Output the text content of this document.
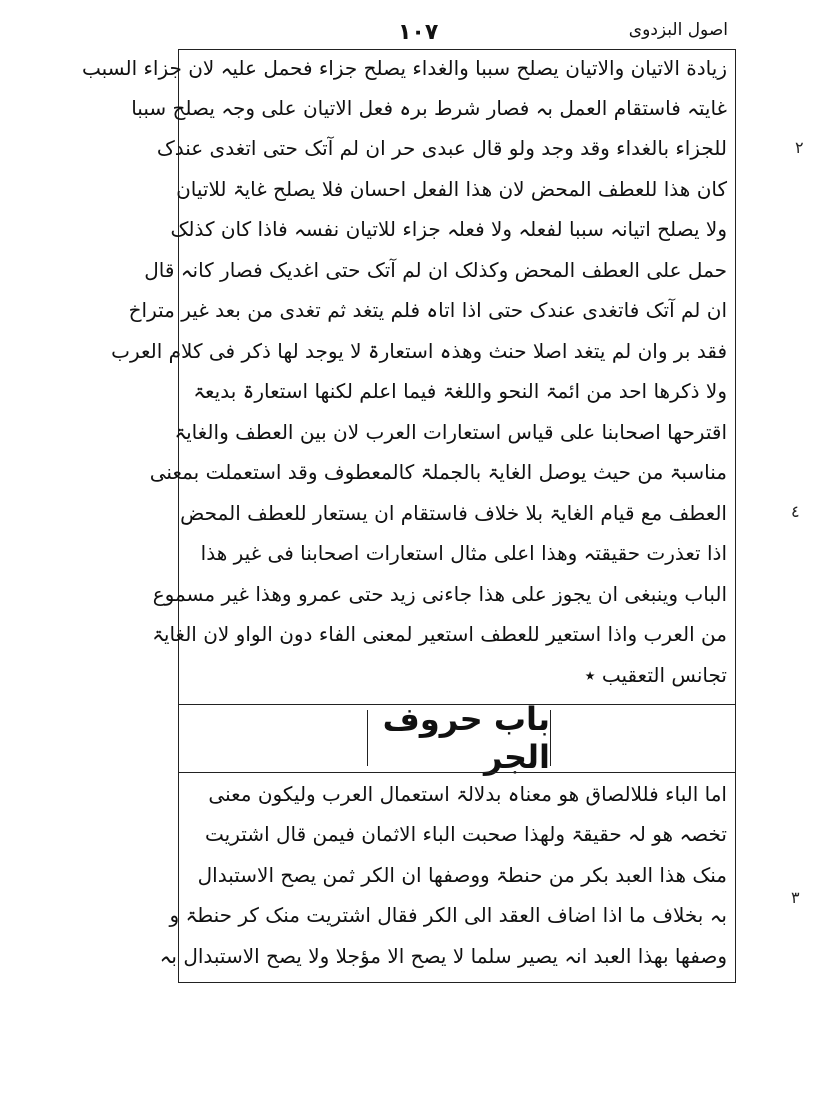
اصول البزدوی
۱۰۷
زیادة الاتیان والاتیان یصلح سببا والغداء یصلح جزاء فحمل علیہ لان جزاء السبب
غایتہ فاستقام العمل بہ فصار شرط برہ فعل الاتیان علی وجہ یصلح سببا
للجزاء بالغداء وقد وجد ولو قال عبدی حر ان لم آتک حتی اتغدی عندک
کان ھذا للعطف المحض لان ھذا الفعل احسان فلا یصلح غایۃ للاتیان
ولا یصلح اتیانہ سببا لفعلہ ولا فعلہ جزاء للاتیان نفسہ فاذا کان کذلک
حمل علی العطف المحض وکذلک ان لم آتک حتی اغدیک فصار کانہ قال
ان لم آتک فاتغدی عندک حتی اذا اتاہ فلم یتغد ثم تغدی من بعد غیر متراخ
فقد بر وان لم یتغد اصلا حنث وھذہ استعارۃ لا یوجد لھا ذکر فی کلام العرب
ولا ذکرھا احد من ائمۃ النحو واللغۃ فیما اعلم لکنھا استعارۃ بدیعۃ
اقترحھا اصحابنا علی قیاس استعارات العرب لان بین العطف والغایۃ
مناسبۃ من حیث یوصل الغایۃ بالجملۃ کالمعطوف وقد استعملت بمعنی
العطف مع قیام الغایۃ بلا خلاف فاستقام ان یستعار للعطف المحض
اذا تعذرت حقیقتہ وھذا اعلی مثال استعارات اصحابنا فی غیر ھذا
الباب وینبغی ان یجوز علی ھذا جاءنی زید حتی عمرو وھذا غیر مسموع
من العرب واذا استعیر للعطف استعیر لمعنی الفاء دون الواو لان الغایۃ
تجانس التعقیب ٭
باب حروف الجر
اما الباء فللالصاق ھو معناہ بدلالۃ استعمال العرب ولیکون معنی
تخصہ ھو لہ حقیقۃ ولھذا صحبت الباء الاثمان فیمن قال اشتریت
منک ھذا العبد بکر من حنطۃ ووصفھا ان الکر ثمن یصح الاستبدال
بہ بخلاف ما اذا اضاف العقد الی الکر فقال اشتریت منک کر حنطۃ و
وصفھا بھذا العبد انہ یصیر سلما لا یصح الا مؤجلا ولا یصح الاستبدال بہ
٢
٤
٣
